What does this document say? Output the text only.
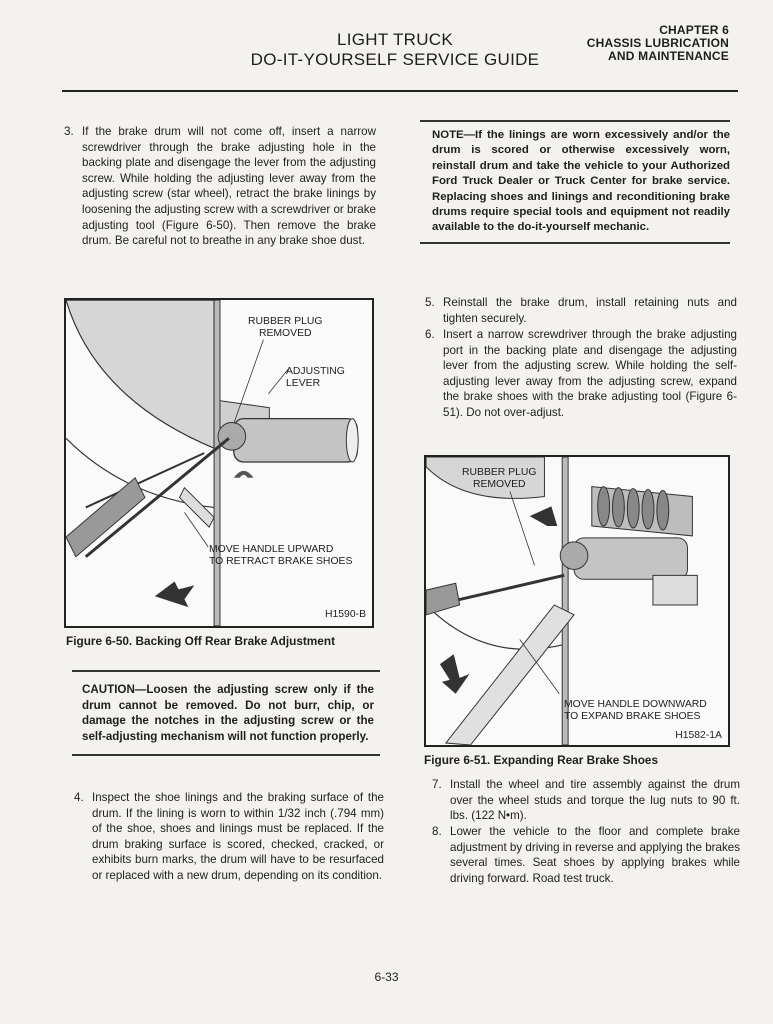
LIGHT TRUCK
DO-IT-YOURSELF SERVICE GUIDE
CHAPTER 6
CHASSIS LUBRICATION
AND MAINTENANCE
3. If the brake drum will not come off, insert a narrow screwdriver through the brake adjusting hole in the backing plate and disengage the lever from the adjusting screw. While holding the adjusting lever away from the adjusting screw (star wheel), retract the brake linings by loosening the adjusting screw with a screwdriver or brake adjusting tool (Figure 6-50). Then remove the brake drum. Be careful not to breathe in any brake shoe dust.
RUBBER PLUG
REMOVED
ADJUSTING
LEVER
MOVE HANDLE UPWARD
TO RETRACT BRAKE SHOES
H1590-B
Figure 6-50. Backing Off Rear Brake Adjustment
CAUTION—Loosen the adjusting screw only if the drum cannot be removed. Do not burr, chip, or damage the notches in the adjusting screw or the self-adjusting mechanism will not function properly.
4. Inspect the shoe linings and the braking surface of the drum. If the lining is worn to within 1/32 inch (.794 mm) of the shoe, shoes and linings must be replaced. If the drum braking surface is scored, checked, cracked, or exhibits burn marks, the drum will have to be resurfaced or replaced with a new drum, depending on its condition.
NOTE—If the linings are worn excessively and/or the drum is scored or otherwise excessively worn, reinstall drum and take the vehicle to your Authorized Ford Truck Dealer or Truck Center for brake service. Replacing shoes and linings and reconditioning brake drums require special tools and equipment not readily available to the do-it-yourself mechanic.
5. Reinstall the brake drum, install retaining nuts and tighten securely.
6. Insert a narrow screwdriver through the brake adjusting port in the backing plate and disengage the adjusting lever from the adjusting screw. While holding the self-adjusting lever away from the adjusting screw, expand the brake shoes with the brake adjusting tool (Figure 6-51). Do not over-adjust.
RUBBER PLUG
REMOVED
MOVE HANDLE DOWNWARD
TO EXPAND BRAKE SHOES
H1582-1A
Figure 6-51. Expanding Rear Brake Shoes
7. Install the wheel and tire assembly against the drum over the wheel studs and torque the lug nuts to 90 ft. lbs. (122 N•m).
8. Lower the vehicle to the floor and complete brake adjustment by driving in reverse and applying the brakes several times. Seat shoes by applying brakes while driving forward. Road test truck.
6-33
